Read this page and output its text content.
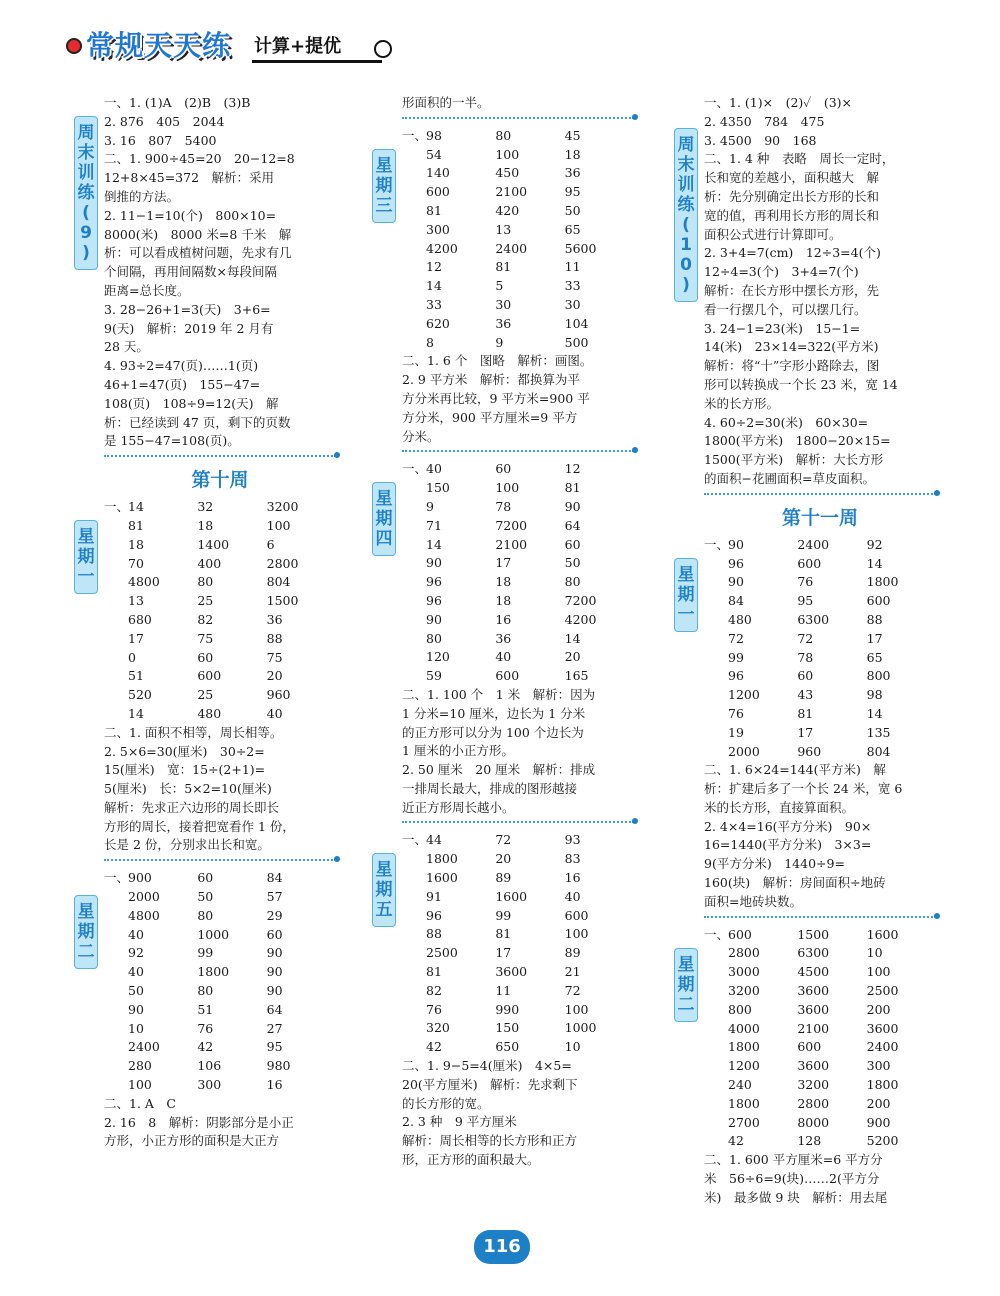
常规天天练 计算+提优
周
末
训
练
(
9
)
一、1. (1)A　(2)B　(3)B
2. 876　405　2044
3. 16　807　5400
二、1. 900÷45=20　20−12=8
12+8×45=372　解析：采用
倒推的方法。
2. 11−1=10(个)　800×10=
8000(米)　8000 米=8 千米　解
析：可以看成植树问题，先求有几
个间隔，再用间隔数×每段间隔
距离=总长度。
3. 28−26+1=3(天)　3+6=
9(天)　解析：2019 年 2 月有
28 天。
4. 93÷2=47(页)……1(页)
46+1=47(页)　155−47=
108(页)　108÷9=12(天)　解
析：已经读到 47 页，剩下的页数
是 155−47=108(页)。
第十周
星
期
一
一、
14	32	3200
81	18	100
18	1400	6
70	400	2800
4800	80	804
13	25	1500
680	82	36
17	75	88
0	60	75
51	600	20
520	25	960
14	480	40
二、1. 面积不相等，周长相等。
2. 5×6=30(厘米)　30÷2=
15(厘米)　宽：15÷(2+1)=
5(厘米)　长：5×2=10(厘米)
解析：先求正六边形的周长即长
方形的周长，接着把宽看作 1 份，
长是 2 份，分别求出长和宽。
星
期
二
一、
900	60	84
2000	50	57
4800	80	29
40	1000	60
92	99	90
40	1800	90
50	80	90
90	51	64
10	76	27
2400	42	95
280	106	980
100	300	16
二、1. A　C
2. 16　8　解析：阴影部分是小正
方形，小正方形的面积是大正方
形面积的一半。
星
期
三
一、
98	80	45
54	100	18
140	450	36
600	2100	95
81	420	50
300	13	65
4200	2400	5600
12	81	11
14	5	33
33	30	30
620	36	104
8	9	500
二、1. 6 个　图略　解析：画图。
2. 9 平方米　解析：都换算为平
方分米再比较，9 平方米=900 平
方分米，900 平方厘米=9 平方
分米。
星
期
四
一、
40	60	12
150	100	81
9	78	90
71	7200	64
14	2100	60
90	17	50
96	18	80
96	18	7200
90	16	4200
80	36	14
120	40	20
59	600	165
二、1. 100 个　1 米　解析：因为
1 分米=10 厘米，边长为 1 分米
的正方形可以分为 100 个边长为
1 厘米的小正方形。
2. 50 厘米　20 厘米　解析：排成
一排周长最大，排成的图形越接
近正方形周长越小。
星
期
五
一、
44	72	93
1800	20	83
1600	89	16
91	1600	40
96	99	600
88	81	100
2500	17	89
81	3600	21
82	11	72
76	990	100
320	150	1000
42	650	10
二、1. 9−5=4(厘米)　4×5=
20(平方厘米)　解析：先求剩下
的长方形的宽。
2. 3 种　9 平方厘米
解析：周长相等的长方形和正方
形，正方形的面积最大。
周
末
训
练
(
1
0
)
一、1. (1)×　(2)✓　(3)×
2. 4350　784　475
3. 4500　90　168
二、1. 4 种　表略　周长一定时，
长和宽的差越小，面积越大　解
析：先分别确定出长方形的长和
宽的值，再利用长方形的周长和
面积公式进行计算即可。
2. 3+4=7(cm)　12÷3=4(个)
12÷4=3(个)　3+4=7(个)
解析：在长方形中摆长方形，先
看一行摆几个，可以摆几行。
3. 24−1=23(米)　15−1=
14(米)　23×14=322(平方米)
解析：将“十”字形小路除去，图
形可以转换成一个长 23 米，宽 14
米的长方形。
4. 60÷2=30(米)　60×30=
1800(平方米)　1800−20×15=
1500(平方米)　解析：大长方形
的面积−花圃面积=草皮面积。
第十一周
星
期
一
一、
90	2400	92
96	600	14
90	76	1800
84	95	600
480	6300	88
72	72	17
99	78	65
96	60	800
1200	43	98
76	81	14
19	17	135
2000	960	804
二、1. 6×24=144(平方米)　解
析：扩建后多了一个长 24 米，宽 6
米的长方形，直接算面积。
2. 4×4=16(平方分米)　90×
16=1440(平方分米)　3×3=
9(平方分米)　1440÷9=
160(块)　解析：房间面积÷地砖
面积=地砖块数。
星
期
二
一、
600	1500	1600
2800	6300	10
3000	4500	100
3200	3600	2500
800	3600	200
4000	2100	3600
1800	600	2400
1200	3600	300
240	3200	1800
1800	2800	200
2700	8000	900
42	128	5200
二、1. 600 平方厘米=6 平方分
米　56÷6=9(块)……2(平方分
米)　最多做 9 块　解析：用去尾
116
